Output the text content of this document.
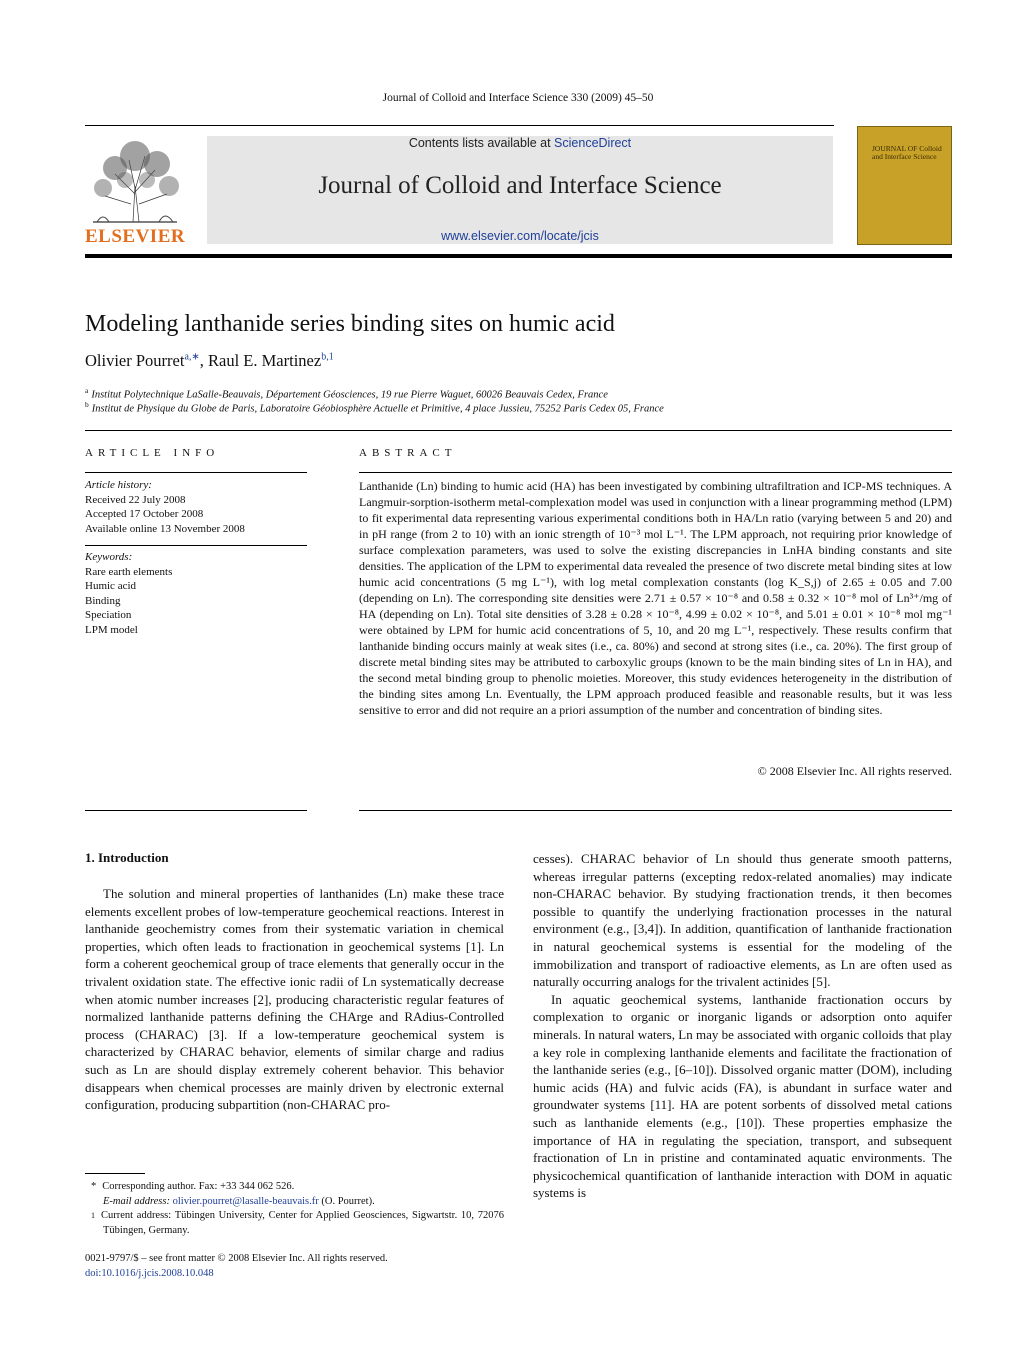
Journal of Colloid and Interface Science 330 (2009) 45–50
ELSEVIER
Contents lists available at ScienceDirect
Journal of Colloid and Interface Science
www.elsevier.com/locate/jcis
JOURNAL OF Colloid and Interface Science
Modeling lanthanide series binding sites on humic acid
Olivier Pourret$^{a,∗}$, Raul E. Martinez$^{b,1}$
$^a$ Institut Polytechnique LaSalle-Beauvais, Département Géosciences, 19 rue Pierre Waguet, 60026 Beauvais Cedex, France
$^b$ Institut de Physique du Globe de Paris, Laboratoire Géobiosphère Actuelle et Primitive, 4 place Jussieu, 75252 Paris Cedex 05, France
ARTICLE INFO
Article history:
Received 22 July 2008
Accepted 17 October 2008
Available online 13 November 2008
Keywords:
Rare earth elements
Humic acid
Binding
Speciation
LPM model
ABSTRACT
Lanthanide (Ln) binding to humic acid (HA) has been investigated by combining ultrafiltration and ICP-MS techniques. A Langmuir-sorption-isotherm metal-complexation model was used in conjunction with a linear programming method (LPM) to fit experimental data representing various experimental conditions both in HA/Ln ratio (varying between 5 and 20) and in pH range (from 2 to 10) with an ionic strength of 10⁻³ mol L⁻¹. The LPM approach, not requiring prior knowledge of surface complexation parameters, was used to solve the existing discrepancies in LnHA binding constants and site densities. The application of the LPM to experimental data revealed the presence of two discrete metal binding sites at low humic acid concentrations (5 mg L⁻¹), with log metal complexation constants (log K_S,j) of 2.65 ± 0.05 and 7.00 (depending on Ln). The corresponding site densities were 2.71 ± 0.57 × 10⁻⁸ and 0.58 ± 0.32 × 10⁻⁸ mol of Ln³⁺/mg of HA (depending on Ln). Total site densities of 3.28 ± 0.28 × 10⁻⁸, 4.99 ± 0.02 × 10⁻⁸, and 5.01 ± 0.01 × 10⁻⁸ mol mg⁻¹ were obtained by LPM for humic acid concentrations of 5, 10, and 20 mg L⁻¹, respectively. These results confirm that lanthanide binding occurs mainly at weak sites (i.e., ca. 80%) and second at strong sites (i.e., ca. 20%). The first group of discrete metal binding sites may be attributed to carboxylic groups (known to be the main binding sites of Ln in HA), and the second metal binding group to phenolic moieties. Moreover, this study evidences heterogeneity in the distribution of the binding sites among Ln. Eventually, the LPM approach produced feasible and reasonable results, but it was less sensitive to error and did not require an a priori assumption of the number and concentration of binding sites.
© 2008 Elsevier Inc. All rights reserved.
1. Introduction

The solution and mineral properties of lanthanides (Ln) make these trace elements excellent probes of low-temperature geochemical reactions. Interest in lanthanide geochemistry comes from their systematic variation in chemical properties, which often leads to fractionation in geochemical systems [1]. Ln form a coherent geochemical group of trace elements that generally occur in the trivalent oxidation state. The effective ionic radii of Ln systematically decrease when atomic number increases [2], producing characteristic regular features of normalized lanthanide patterns defining the CHArge and RAdius-Controlled process (CHARAC) [3]. If a low-temperature geochemical system is characterized by CHARAC behavior, elements of similar charge and radius such as Ln are should display extremely coherent behavior. This behavior disappears when chemical processes are mainly driven by electronic external configuration, producing subpartition (non-CHARAC pro-

cesses). CHARAC behavior of Ln should thus generate smooth patterns, whereas irregular patterns (excepting redox-related anomalies) may indicate non-CHARAC behavior. By studying fractionation trends, it then becomes possible to quantify the underlying fractionation processes in the natural environment (e.g., [3,4]). In addition, quantification of lanthanide fractionation in natural geochemical systems is essential for the modeling of the immobilization and transport of radioactive elements, as Ln are often used as naturally occurring analogs for the trivalent actinides [5].

In aquatic geochemical systems, lanthanide fractionation occurs by complexation to organic or inorganic ligands or adsorption onto aquifer minerals. In natural waters, Ln may be associated with organic colloids that play a key role in complexing lanthanide elements and facilitate the fractionation of the lanthanide series (e.g., [6–10]). Dissolved organic matter (DOM), including humic acids (HA) and fulvic acids (FA), is abundant in surface water and groundwater systems [11]. HA are potent sorbents of dissolved metal cations such as lanthanide elements (e.g., [10]). These properties emphasize the importance of HA in regulating the speciation, transport, and subsequent fractionation of Ln in pristine and contaminated aquatic environments. The physicochemical quantification of lanthanide interaction with DOM in aquatic systems is

* Corresponding author. Fax: +33 344 062 526.
E-mail address: olivier.pourret@lasalle-beauvais.fr (O. Pourret).
$^1$ Current address: Tübingen University, Center for Applied Geosciences, Sigwartstr. 10, 72076 Tübingen, Germany.
0021-9797/$ – see front matter © 2008 Elsevier Inc. All rights reserved.
doi:10.1016/j.jcis.2008.10.048
